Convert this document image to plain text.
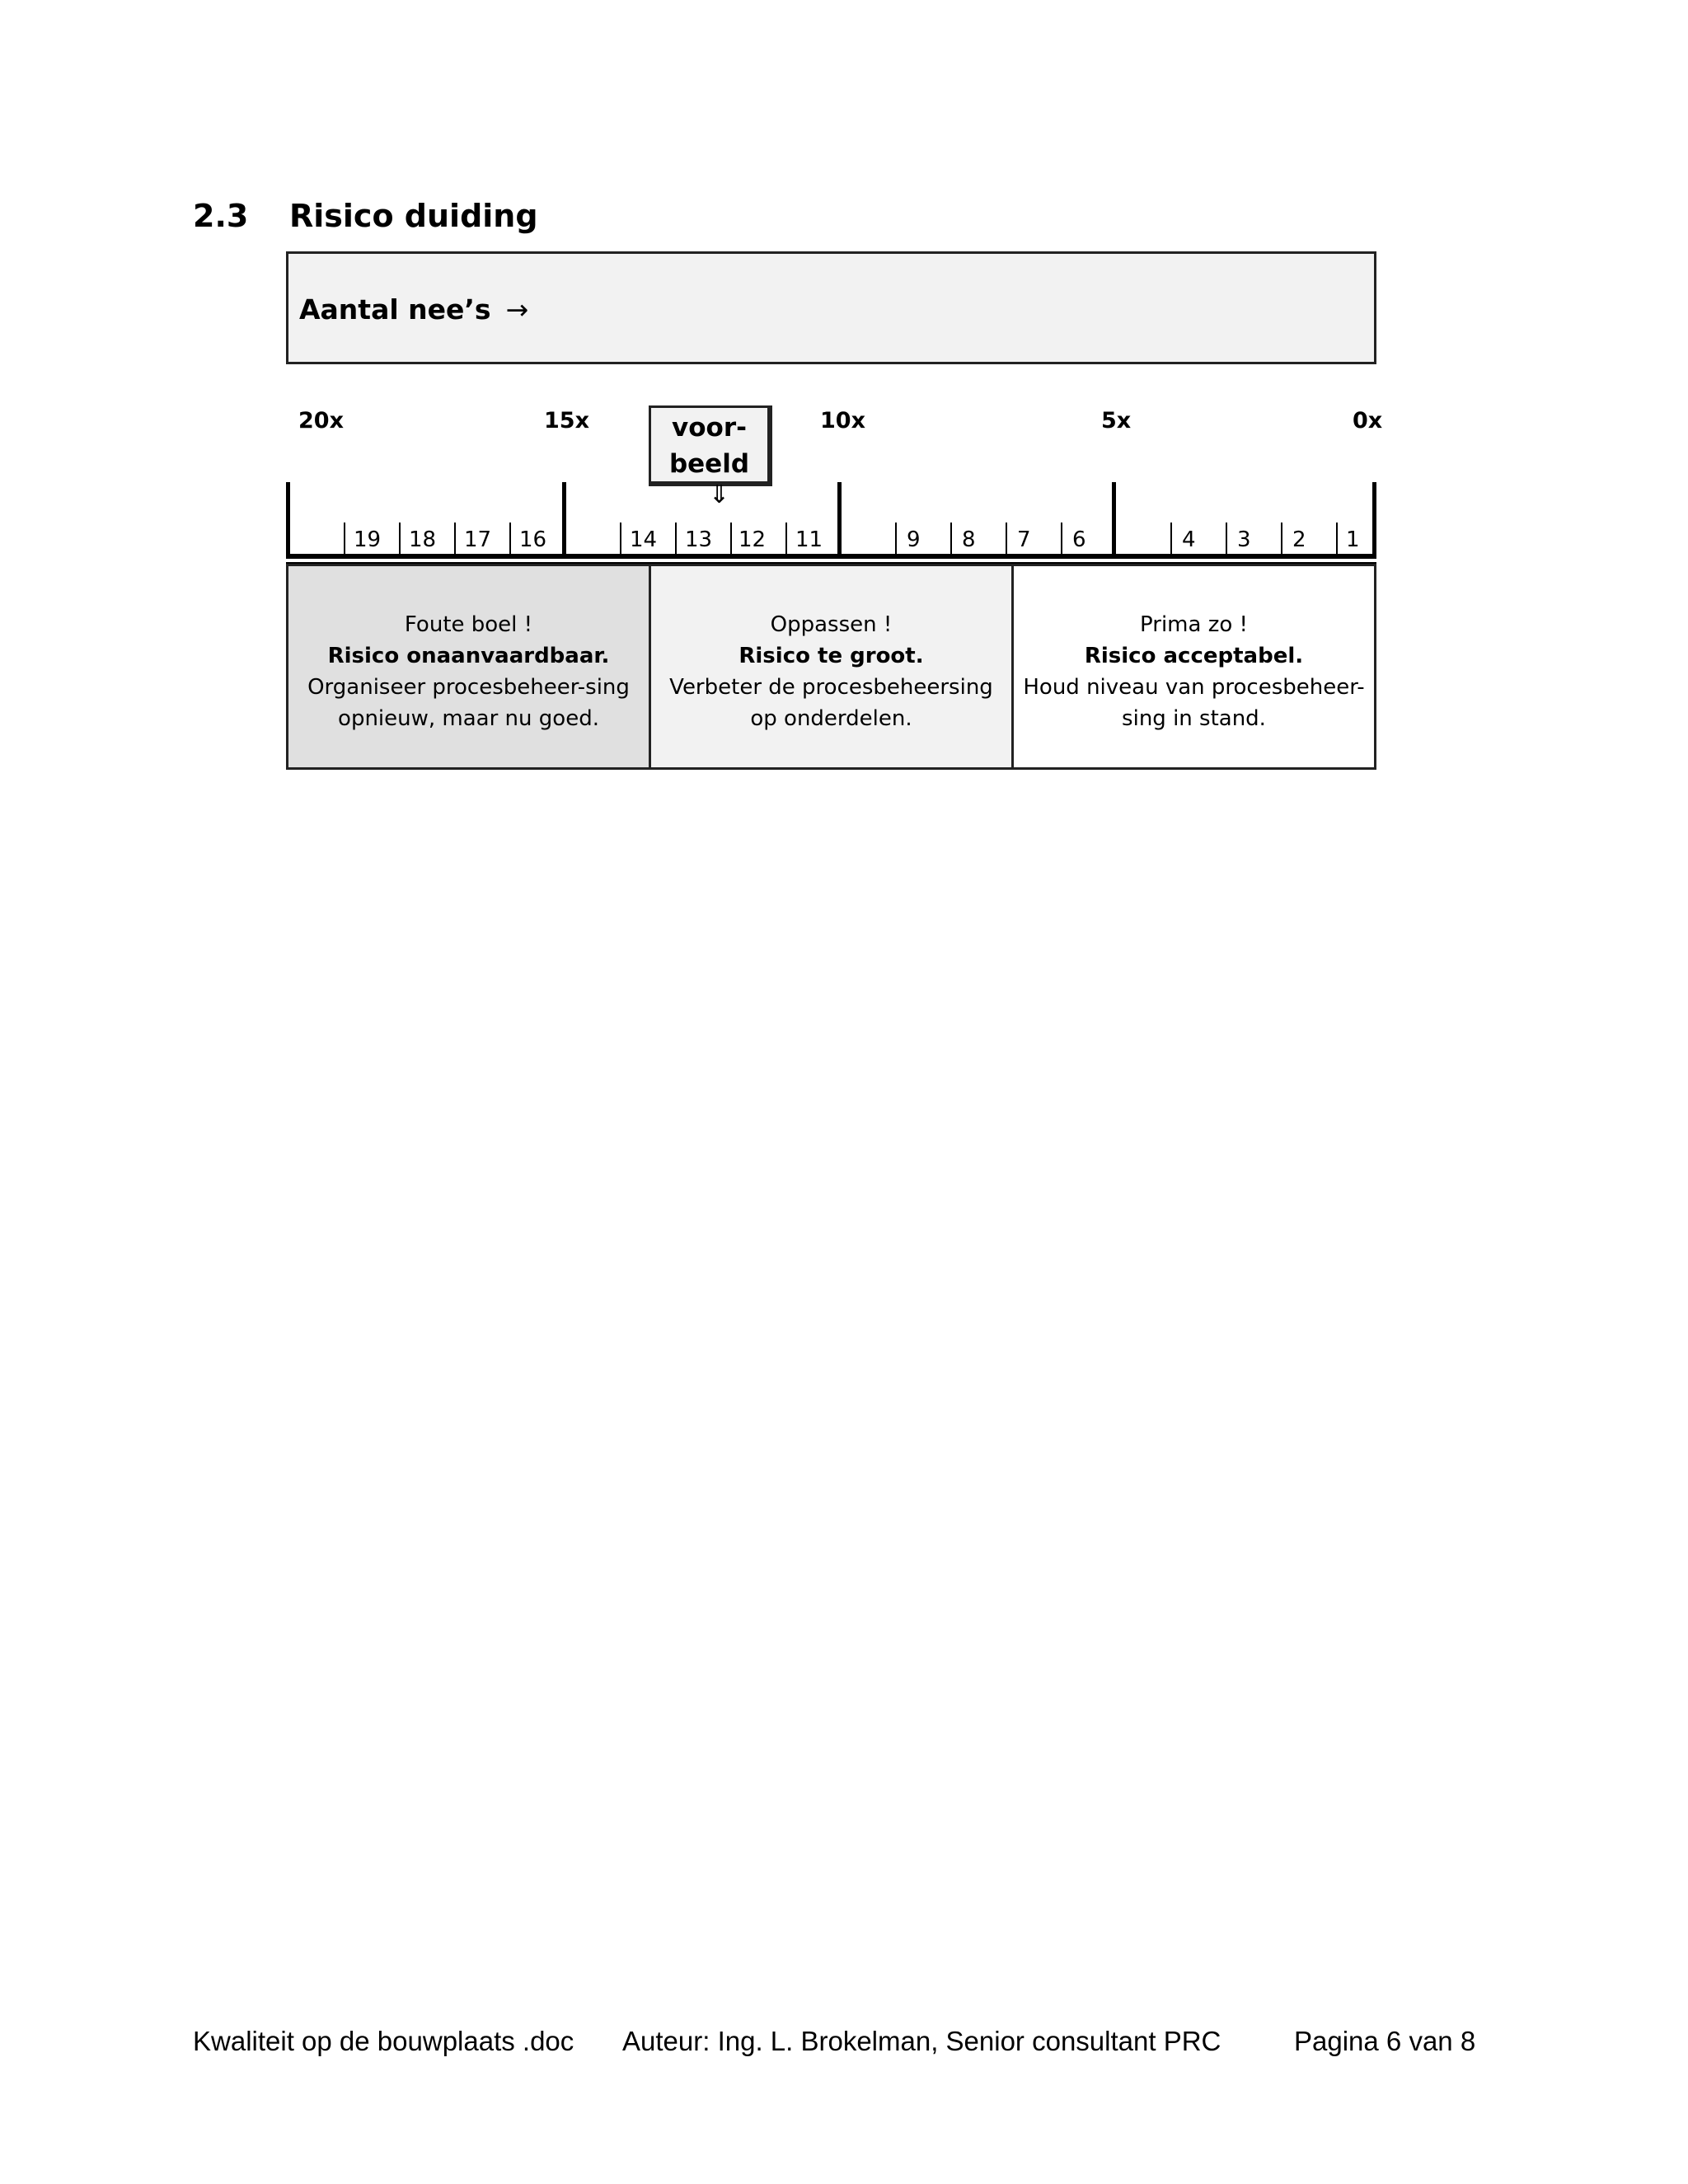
2.3 Risico duiding
Aantal nee’s →
20x	15x	10x	5x	0x
voor-
beeld
⇓
19 18 17 16	14 13 12 11	9 8 7 6	4 3 2 1
Foute boel !
Risico onaanvaardbaar.
Organiseer procesbeheer-sing opnieuw, maar nu goed.
Oppassen !
Risico te groot.
Verbeter de procesbeheersing op onderdelen.
Prima zo !
Risico acceptabel.
Houd niveau van procesbeheer-sing in stand.
Kwaliteit op de bouwplaats .doc Auteur: Ing. L. Brokelman, Senior consultant PRC	Pagina 6 van 8
